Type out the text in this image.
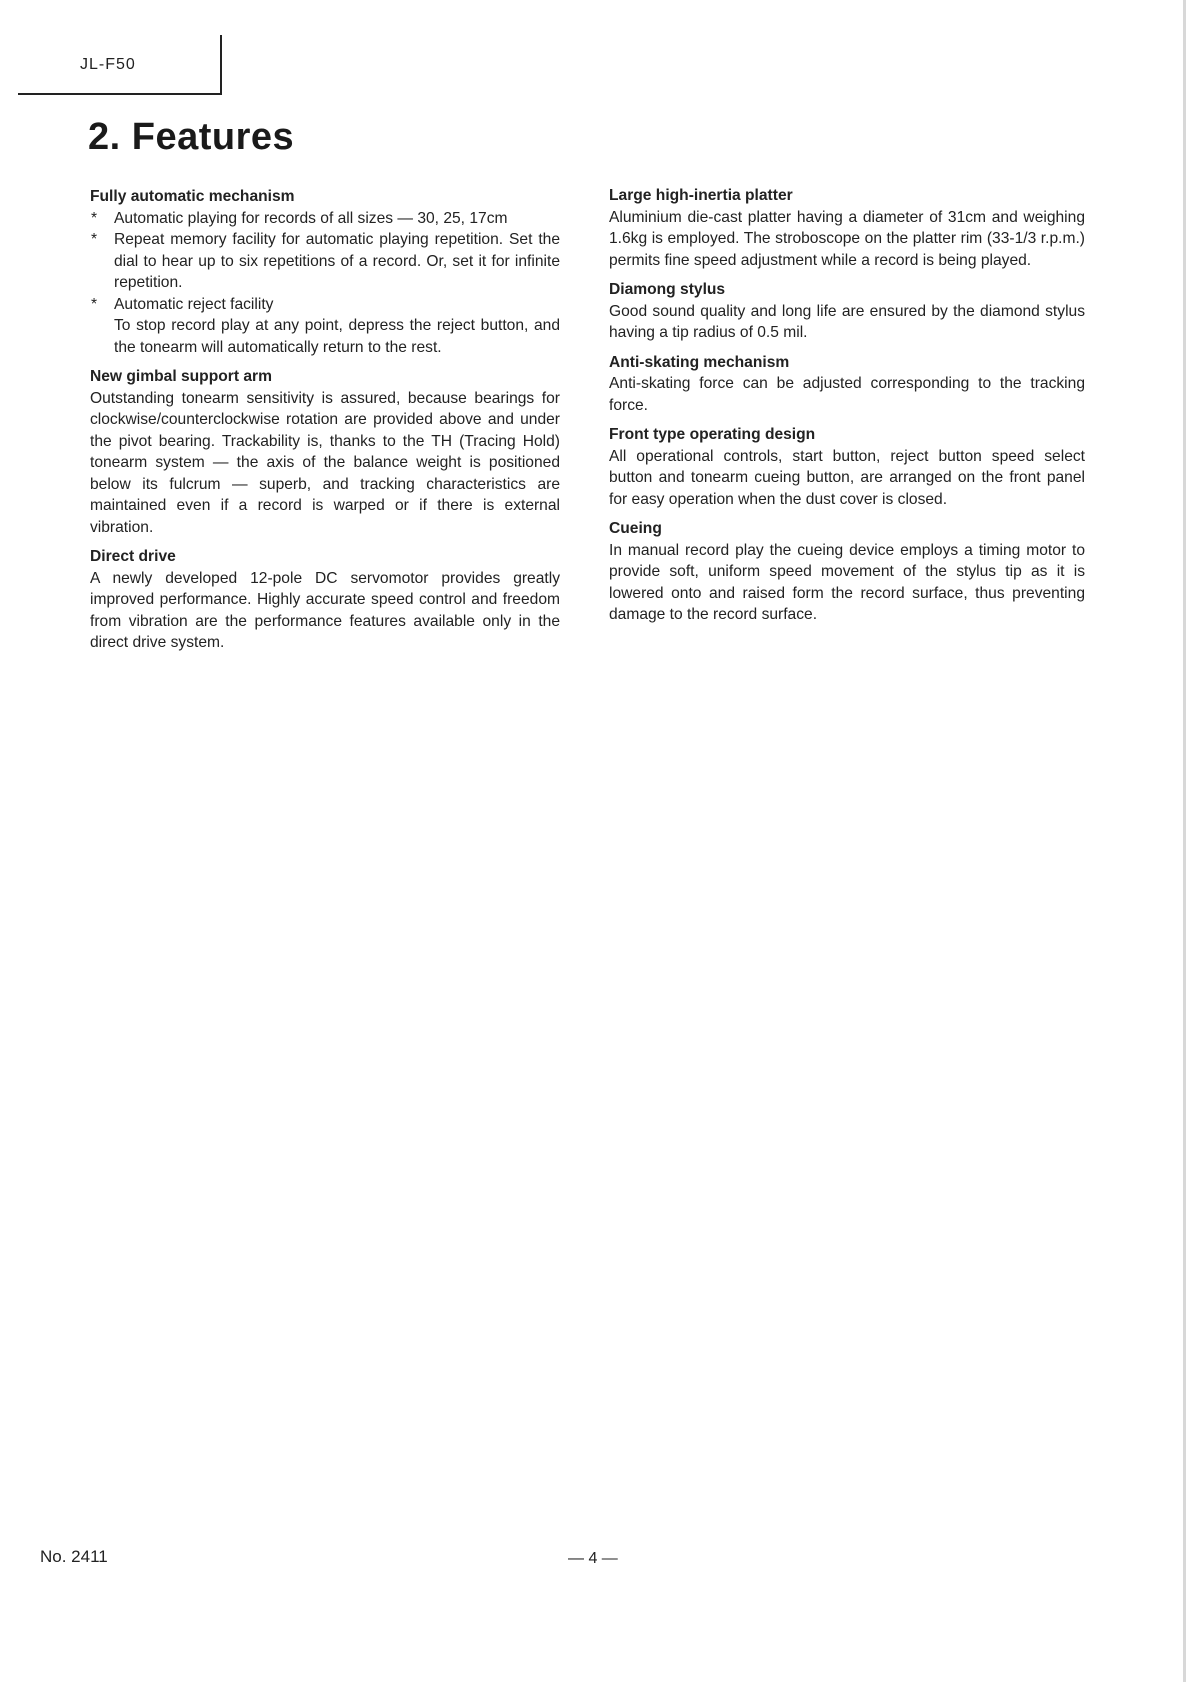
JL-F50
2. Features

Fully automatic mechanism

* Automatic playing for records of all sizes — 30, 25, 17cm
* Repeat memory facility for automatic playing repetition. Set the dial to hear up to six repetitions of a record. Or, set it for infinite repetition.
* Automatic reject facility
To stop record play at any point, depress the reject button, and the tonearm will automatically return to the rest.

New gimbal support arm

Outstanding tonearm sensitivity is assured, because bearings for clockwise/counterclockwise rotation are provided above and under the pivot bearing. Trackability is, thanks to the TH (Tracing Hold) tonearm system — the axis of the balance weight is positioned below its fulcrum — superb, and tracking characteristics are maintained even if a record is warped or if there is external vibration.

Direct drive

A newly developed 12-pole DC servomotor provides greatly improved performance. Highly accurate speed control and freedom from vibration are the performance features available only in the direct drive system.

Large high-inertia platter

Aluminium die-cast platter having a diameter of 31cm and weighing 1.6kg is employed. The stroboscope on the platter rim (33-1/3 r.p.m.) permits fine speed adjustment while a record is being played.

Diamong stylus

Good sound quality and long life are ensured by the diamond stylus having a tip radius of 0.5 mil.

Anti-skating mechanism

Anti-skating force can be adjusted corresponding to the tracking force.

Front type operating design

All operational controls, start button, reject button speed select button and tonearm cueing button, are arranged on the front panel for easy operation when the dust cover is closed.

Cueing

In manual record play the cueing device employs a timing motor to provide soft, uniform speed movement of the stylus tip as it is lowered onto and raised form the record surface, thus preventing damage to the record surface.

No. 2411	— 4 —
